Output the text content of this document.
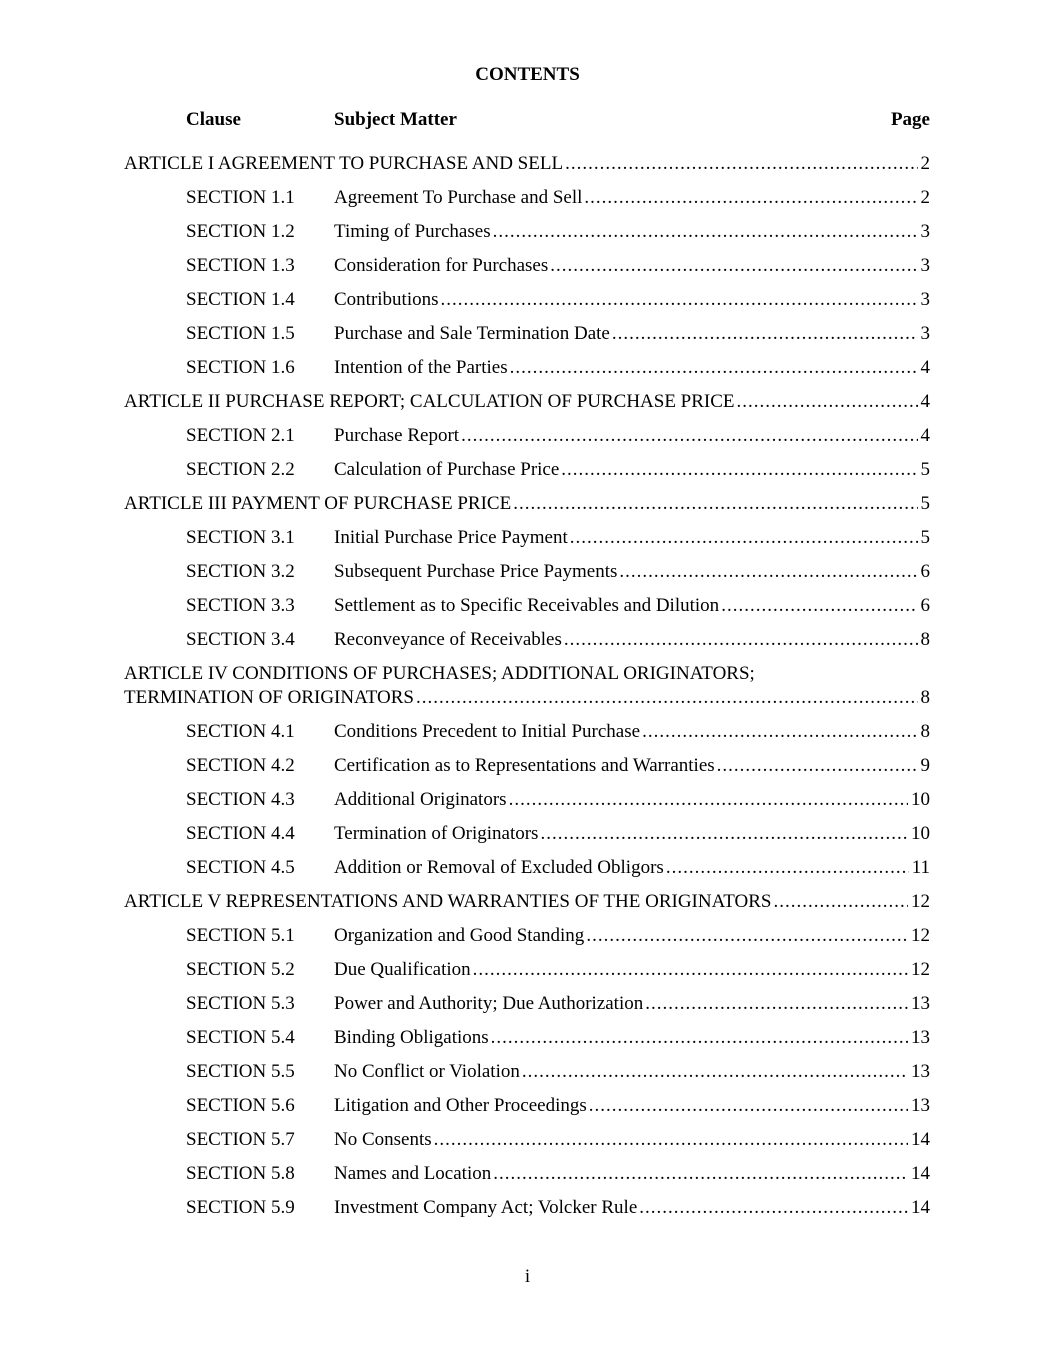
CONTENTS
Clause	Subject Matter	Page
ARTICLE I AGREEMENT TO PURCHASE AND SELL .....	2
SECTION 1.1	Agreement To Purchase and Sell .....	2
SECTION 1.2	Timing of Purchases .....	3
SECTION 1.3	Consideration for Purchases .....	3
SECTION 1.4	Contributions .....	3
SECTION 1.5	Purchase and Sale Termination Date .....	3
SECTION 1.6	Intention of the Parties .....	4
ARTICLE II PURCHASE REPORT; CALCULATION OF PURCHASE PRICE .....	4
SECTION 2.1	Purchase Report .....	4
SECTION 2.2	Calculation of Purchase Price .....	5
ARTICLE III PAYMENT OF PURCHASE PRICE .....	5
SECTION 3.1	Initial Purchase Price Payment .....	5
SECTION 3.2	Subsequent Purchase Price Payments .....	6
SECTION 3.3	Settlement as to Specific Receivables and Dilution .....	6
SECTION 3.4	Reconveyance of Receivables .....	8
ARTICLE IV CONDITIONS OF PURCHASES; ADDITIONAL ORIGINATORS;
TERMINATION OF ORIGINATORS .....	8
SECTION 4.1	Conditions Precedent to Initial Purchase .....	8
SECTION 4.2	Certification as to Representations and Warranties .....	9
SECTION 4.3	Additional Originators .....	10
SECTION 4.4	Termination of Originators .....	10
SECTION 4.5	Addition or Removal of Excluded Obligors .....	11
ARTICLE V REPRESENTATIONS AND WARRANTIES OF THE ORIGINATORS .....	12
SECTION 5.1	Organization and Good Standing .....	12
SECTION 5.2	Due Qualification .....	12
SECTION 5.3	Power and Authority; Due Authorization .....	13
SECTION 5.4	Binding Obligations .....	13
SECTION 5.5	No Conflict or Violation .....	13
SECTION 5.6	Litigation and Other Proceedings .....	13
SECTION 5.7	No Consents .....	14
SECTION 5.8	Names and Location .....	14
SECTION 5.9	Investment Company Act; Volcker Rule .....	14
i
